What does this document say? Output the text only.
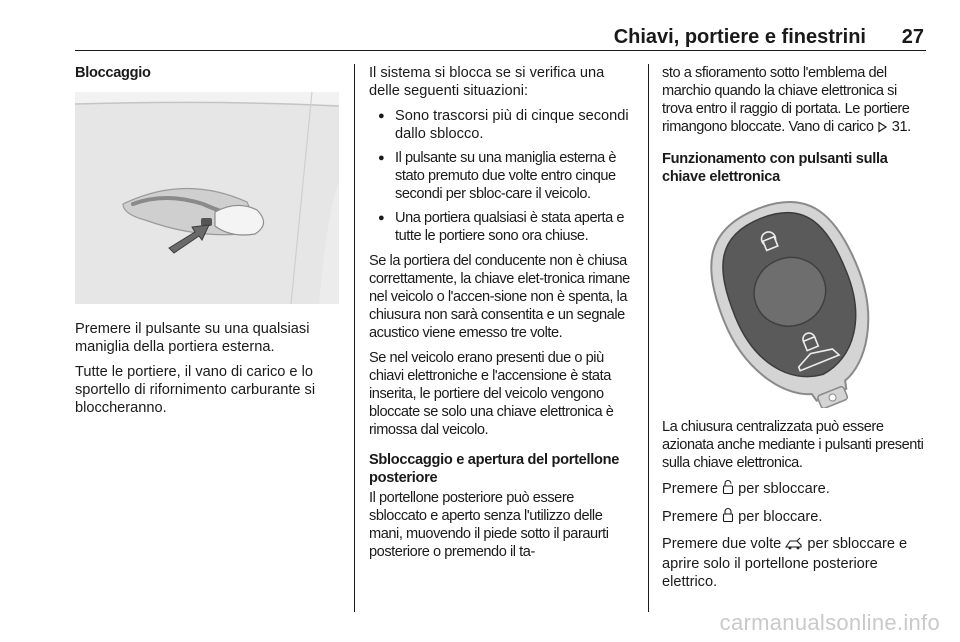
Chiavi, portiere e finestrini 27
Bloccaggio

Premere il pulsante su una qualsiasi maniglia della portiera esterna.

Tutte le portiere, il vano di carico e lo sportello di rifornimento carburante si bloccheranno.

Il sistema si blocca se si verifica una delle seguenti situazioni:

● Sono trascorsi più di cinque secondi dallo sblocco.
● Il pulsante su una maniglia esterna è stato premuto due volte entro cinque secondi per sbloc-care il veicolo.
● Una portiera qualsiasi è stata aperta e tutte le portiere sono ora chiuse.

Se la portiera del conducente non è chiusa correttamente, la chiave elet-tronica rimane nel veicolo o l'accen-sione non è spenta, la chiusura non sarà consentita e un segnale acustico viene emesso tre volte.

Se nel veicolo erano presenti due o più chiavi elettroniche e l'accensione è stata inserita, le portiere del veicolo vengono bloccate se solo una chiave elettronica è rimossa dal veicolo.

Sbloccaggio e apertura del portellone posteriore

Il portellone posteriore può essere sbloccato e aperto senza l'utilizzo delle mani, muovendo il piede sotto il paraurti posteriore o premendo il ta-

sto a sfioramento sotto l'emblema del marchio quando la chiave elettronica si trova entro il raggio di portata. Le portiere rimangono bloccate. Vano di carico 31.

Funzionamento con pulsanti sulla chiave elettronica

La chiusura centralizzata può essere azionata anche mediante i pulsanti presenti sulla chiave elettronica.

Premere per sbloccare.

Premere per bloccare.

Premere due volte per sbloccare e aprire solo il portellone posteriore elettrico.

carmanualsonline.info
